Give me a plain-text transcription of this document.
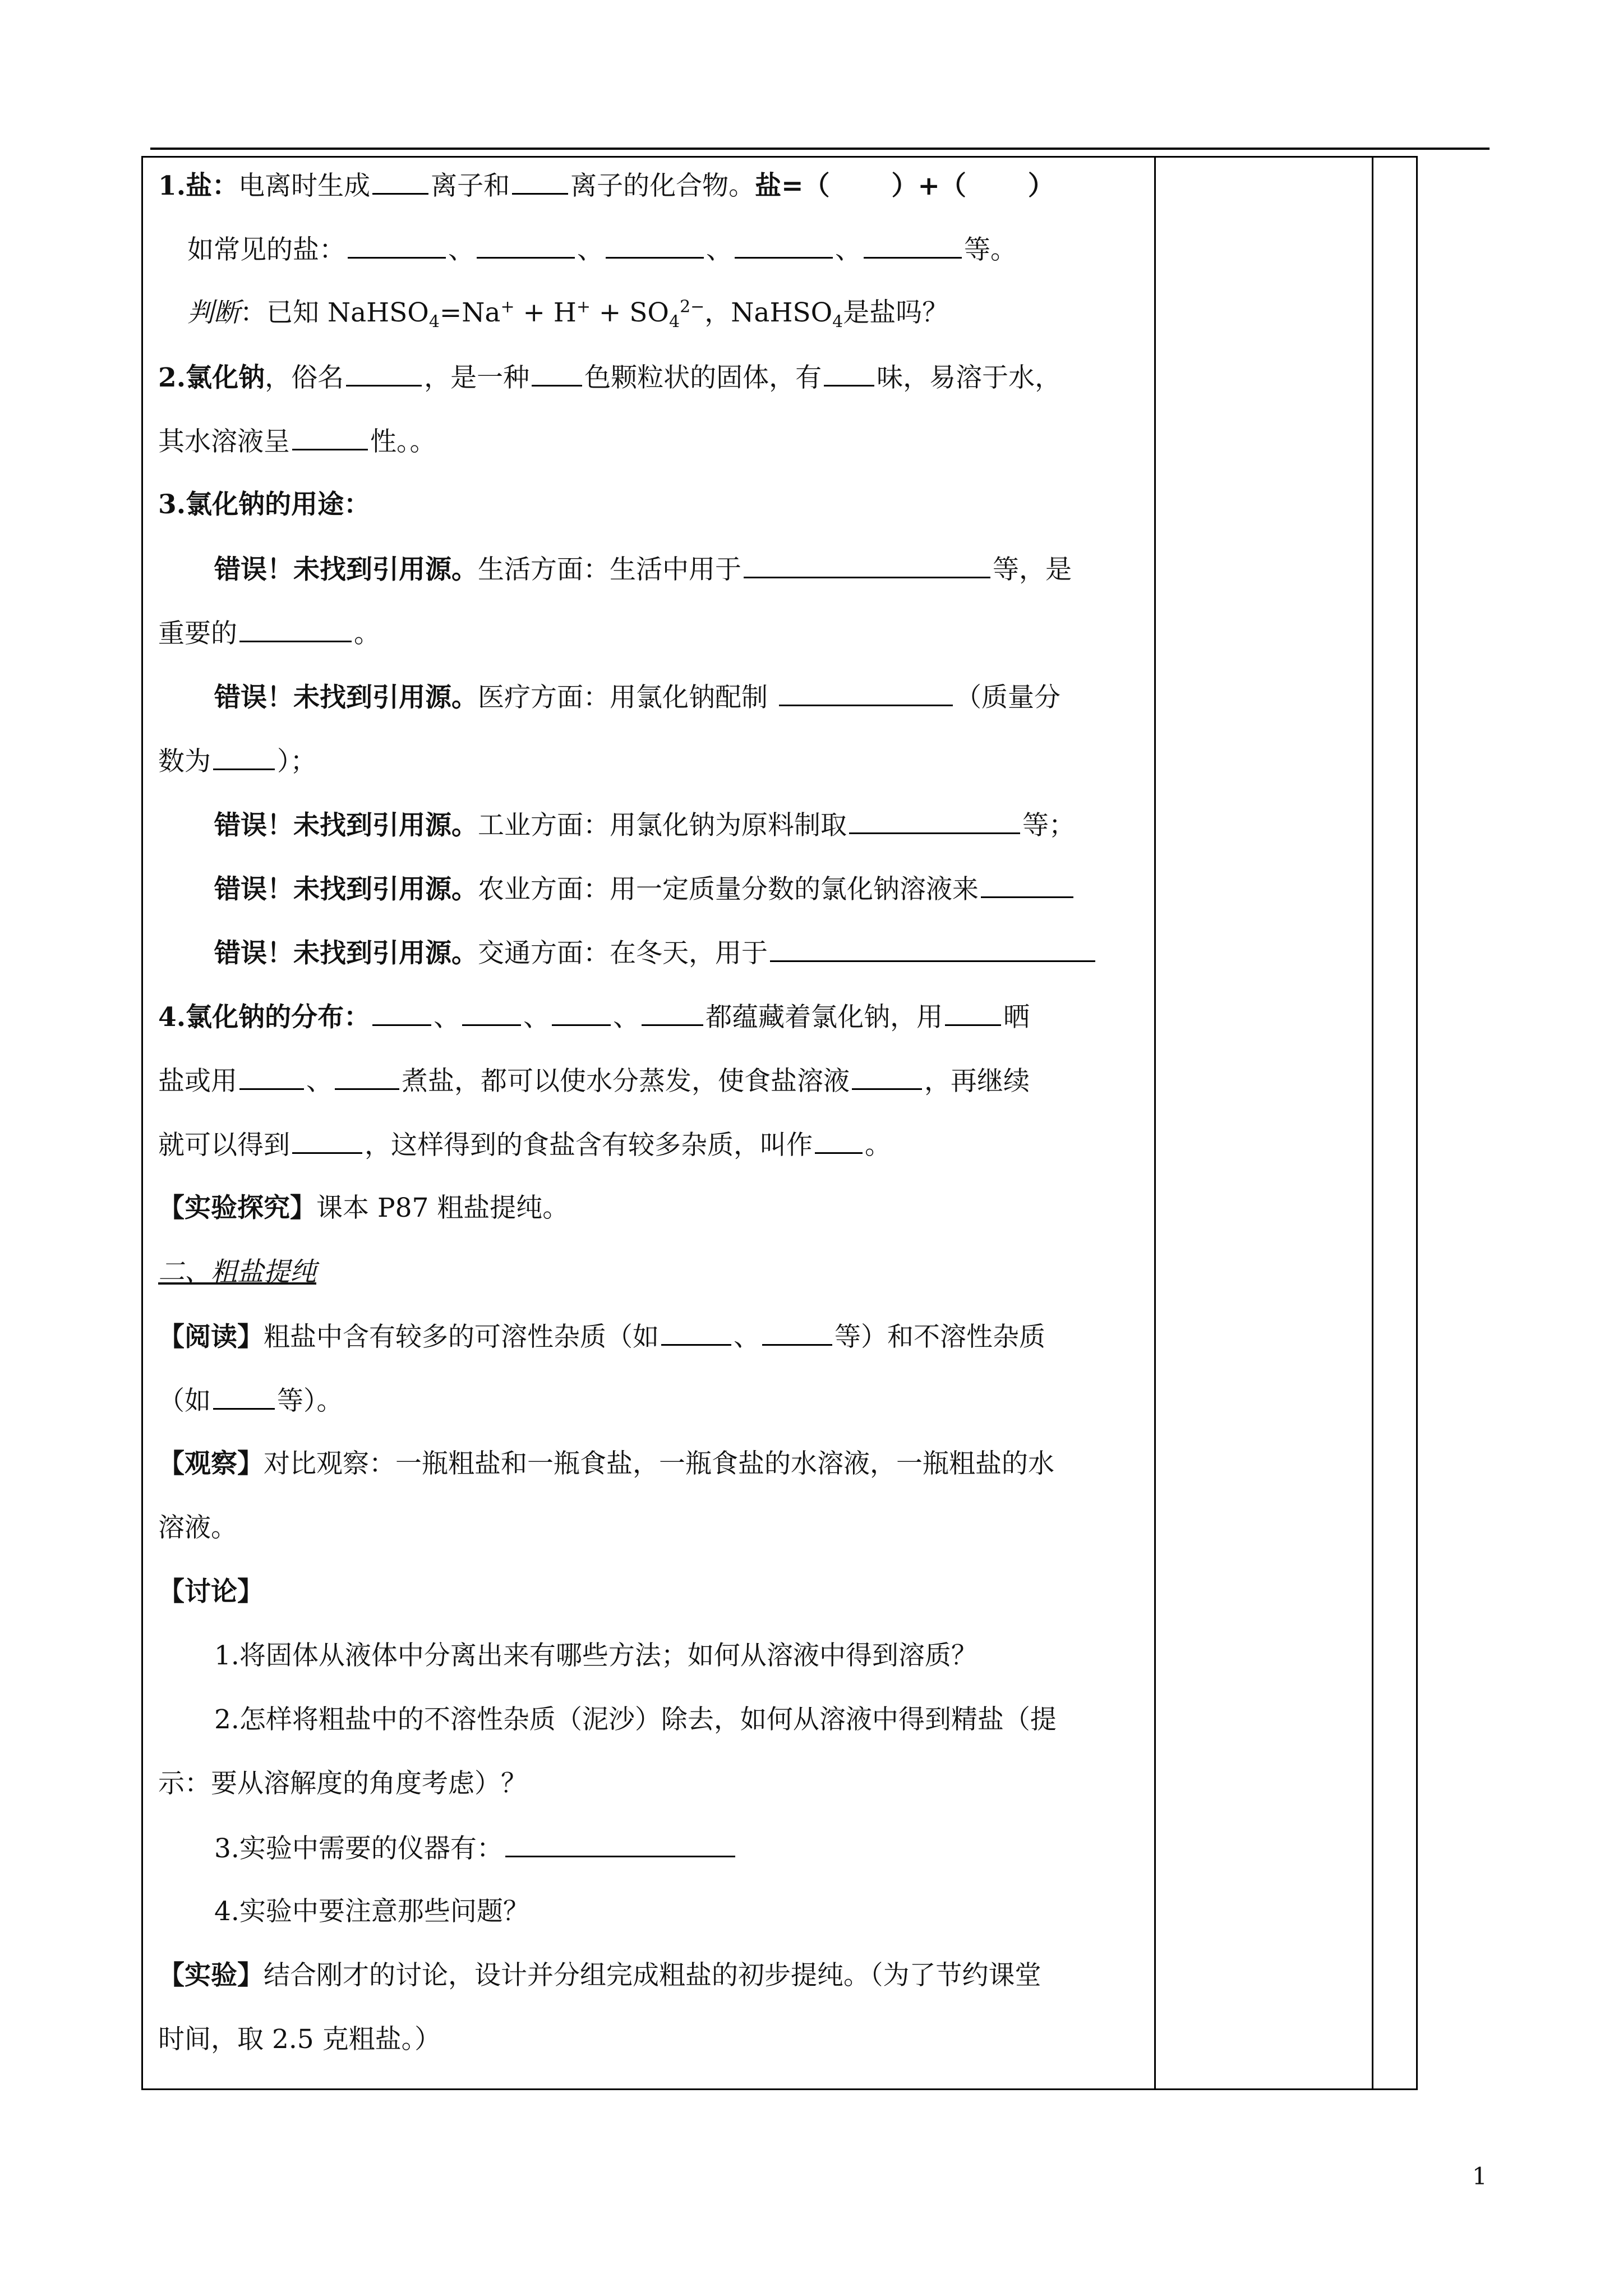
1.盐：电离时生成 离子和 离子的化合物。盐=（ ）+（ ）
如常见的盐：	、	、	、	、	等。
判断：已知 NaHSO$_4$=Na+ + $H^+ + SO_4^{2-}$，NaHSO$_4$是盐吗？
2.氯化钠，俗名	，是一种 色颗粒状的固体，有 味，易溶于水，
其水溶液呈	性。。
3.氯化钠的用途：
错误！未找到引用源。生活方面：生活中用于	等，是
重要的	。
错误！未找到引用源。医疗方面：用氯化钠配制	（质量分
数为	）；
错误！未找到引用源。工业方面：用氯化钠为原料制取	等；
错误！未找到引用源。农业方面：用一定质量分数的氯化钠溶液来
错误！未找到引用源。交通方面：在冬天，用于
4.氯化钠的分布： 、 、 、	都蕴藏着氯化钠，用 晒
盐或用	、	煮盐，都可以使水分蒸发，使食盐溶液	，再继续
就可以得到	，这样得到的食盐含有较多杂质，叫作 。
【实验探究】课本 P87 粗盐提纯。
二、粗盐提纯
【阅读】粗盐中含有较多的可溶性杂质（如	、	等）和不溶性杂质
（如	等）。
【观察】对比观察：一瓶粗盐和一瓶食盐，一瓶食盐的水溶液，一瓶粗盐的水
溶液。
【讨论】
1.将固体从液体中分离出来有哪些方法；如何从溶液中得到溶质？
2.怎样将粗盐中的不溶性杂质（泥沙）除去，如何从溶液中得到精盐（提
示：要从溶解度的角度考虑）？
3.实验中需要的仪器有：
4.实验中要注意那些问题？
【实验】结合刚才的讨论，设计并分组完成粗盐的初步提纯。（为了节约课堂
时间，取 2.5 克粗盐。）
1
